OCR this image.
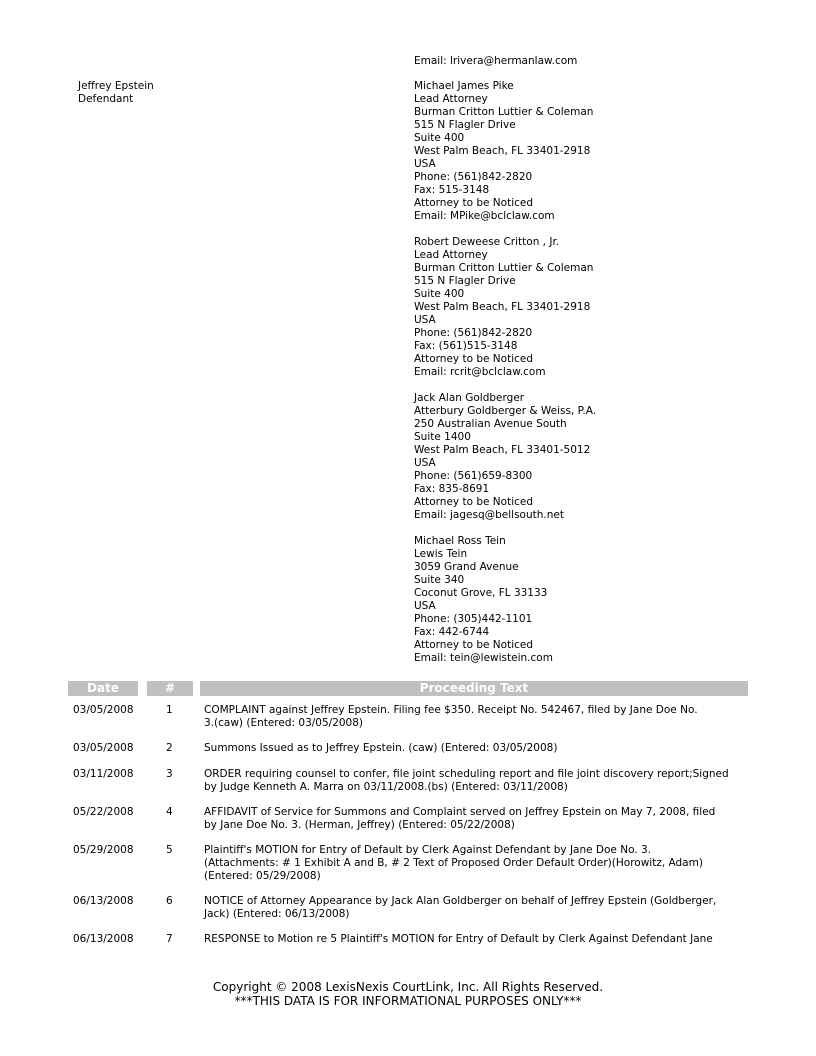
Email: lrivera@hermanlaw.com
Jeffrey Epstein
Defendant
Michael James Pike
Lead Attorney
Burman Critton Luttier & Coleman
515 N Flagler Drive
Suite 400
West Palm Beach, FL 33401-2918
USA
Phone: (561)842-2820
Fax: 515-3148
Attorney to be Noticed
Email: MPike@bclclaw.com
Robert Deweese Critton , Jr.
Lead Attorney
Burman Critton Luttier & Coleman
515 N Flagler Drive
Suite 400
West Palm Beach, FL 33401-2918
USA
Phone: (561)842-2820
Fax: (561)515-3148
Attorney to be Noticed
Email: rcrit@bclclaw.com
Jack Alan Goldberger
Atterbury Goldberger & Weiss, P.A.
250 Australian Avenue South
Suite 1400
West Palm Beach, FL 33401-5012
USA
Phone: (561)659-8300
Fax: 835-8691
Attorney to be Noticed
Email: jagesq@bellsouth.net
Michael Ross Tein
Lewis Tein
3059 Grand Avenue
Suite 340
Coconut Grove, FL 33133
USA
Phone: (305)442-1101
Fax: 442-6744
Attorney to be Noticed
Email: tein@lewistein.com
Date	#	Proceeding Text
03/05/2008	1	COMPLAINT against Jeffrey Epstein. Filing fee $350. Receipt No. 542467, filed by Jane Doe No.
3.(caw) (Entered: 03/05/2008)
03/05/2008	2	Summons Issued as to Jeffrey Epstein. (caw) (Entered: 03/05/2008)
03/11/2008	3	ORDER requiring counsel to confer, file joint scheduling report and file joint discovery report;Signed
by Judge Kenneth A. Marra on 03/11/2008.(bs) (Entered: 03/11/2008)
05/22/2008	4	AFFIDAVIT of Service for Summons and Complaint served on Jeffrey Epstein on May 7, 2008, filed
by Jane Doe No. 3. (Herman, Jeffrey) (Entered: 05/22/2008)
05/29/2008	5	Plaintiff's MOTION for Entry of Default by Clerk Against Defendant by Jane Doe No. 3.
(Attachments: # 1 Exhibit A and B, # 2 Text of Proposed Order Default Order)(Horowitz, Adam)
(Entered: 05/29/2008)
06/13/2008	6	NOTICE of Attorney Appearance by Jack Alan Goldberger on behalf of Jeffrey Epstein (Goldberger,
Jack) (Entered: 06/13/2008)
06/13/2008	7	RESPONSE to Motion re 5 Plaintiff's MOTION for Entry of Default by Clerk Against Defendant Jane
Copyright © 2008 LexisNexis CourtLink, Inc. All Rights Reserved.
***THIS DATA IS FOR INFORMATIONAL PURPOSES ONLY***
